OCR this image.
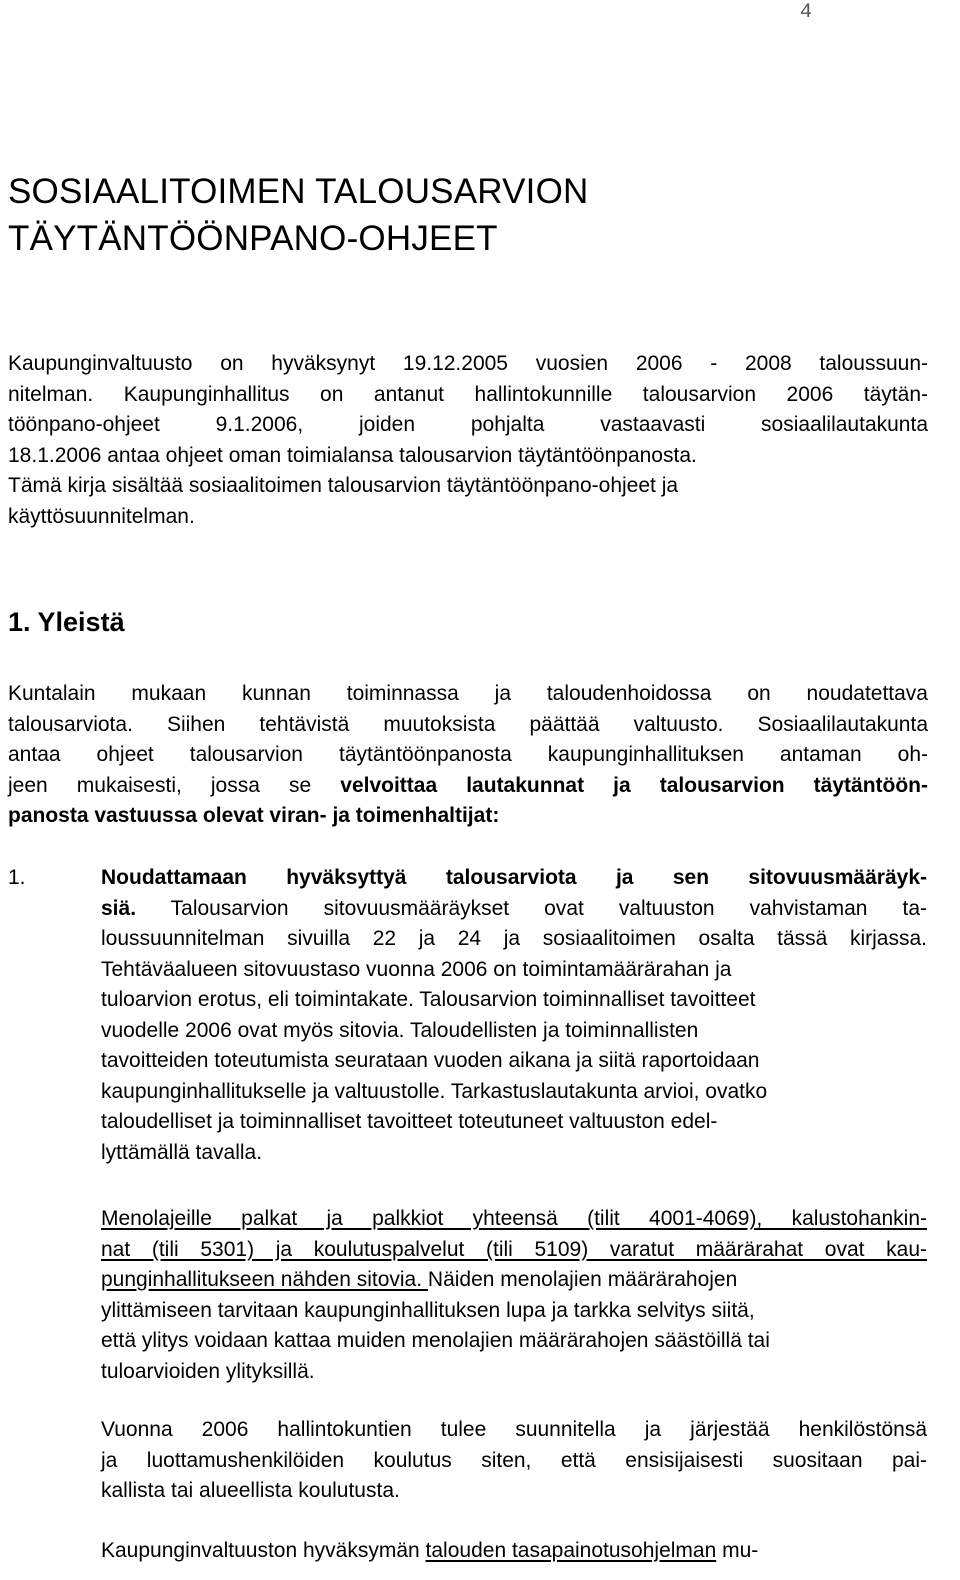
4
SOSIAALITOIMEN TALOUSARVION
TÄYTÄNTÖÖNPANO-OHJEET
Kaupunginvaltuusto on hyväksynyt 19.12.2005 vuosien 2006 - 2008 taloussuun-
nitelman. Kaupunginhallitus on antanut hallintokunnille talousarvion 2006 täytän-
töönpano-ohjeet 9.1.2006, joiden pohjalta vastaavasti sosiaalilautakunta
18.1.2006 antaa ohjeet oman toimialansa talousarvion täytäntöönpanosta.
Tämä kirja sisältää sosiaalitoimen talousarvion täytäntöönpano-ohjeet ja
käyttösuunnitelman.
1. Yleistä
Kuntalain mukaan kunnan toiminnassa ja taloudenhoidossa on noudatettava
talousarviota. Siihen tehtävistä muutoksista päättää valtuusto. Sosiaalilautakunta
antaa ohjeet talousarvion täytäntöönpanosta kaupunginhallituksen antaman oh-
jeen mukaisesti, jossa se velvoittaa lautakunnat ja talousarvion täytäntöön-
panosta vastuussa olevat viran- ja toimenhaltijat:
1.	Noudattamaan hyväksyttyä talousarviota ja sen sitovuusmääräyk-
siä. Talousarvion sitovuusmääräykset ovat valtuuston vahvistaman ta-
loussuunnitelman sivuilla 22 ja 24 ja sosiaalitoimen osalta tässä kirjassa.
Tehtäväalueen sitovuustaso vuonna 2006 on toimintamäärärahan ja
tuloarvion erotus, eli toimintakate. Talousarvion toiminnalliset tavoitteet
vuodelle 2006 ovat myös sitovia. Taloudellisten ja toiminnallisten
tavoitteiden toteutumista seurataan vuoden aikana ja siitä raportoidaan
kaupunginhallitukselle ja valtuustolle. Tarkastuslautakunta arvioi, ovatko
taloudelliset ja toiminnalliset tavoitteet toteutuneet valtuuston edel-
lyttämällä tavalla.
Menolajeille palkat ja palkkiot yhteensä (tilit 4001-4069), kalustohankin-
nat (tili 5301) ja koulutuspalvelut (tili 5109) varatut määrärahat ovat kau-
punginhallitukseen nähden sitovia. Näiden menolajien määrärahojen
ylittämiseen tarvitaan kaupunginhallituksen lupa ja tarkka selvitys siitä,
että ylitys voidaan kattaa muiden menolajien määrärahojen säästöillä tai
tuloarvioiden ylityksillä.
Vuonna 2006 hallintokuntien tulee suunnitella ja järjestää henkilöstönsä
ja luottamushenkilöiden koulutus siten, että ensisijaisesti suositaan pai-
kallista tai alueellista koulutusta.
Kaupunginvaltuuston hyväksymän talouden tasapainotusohjelman mu-
